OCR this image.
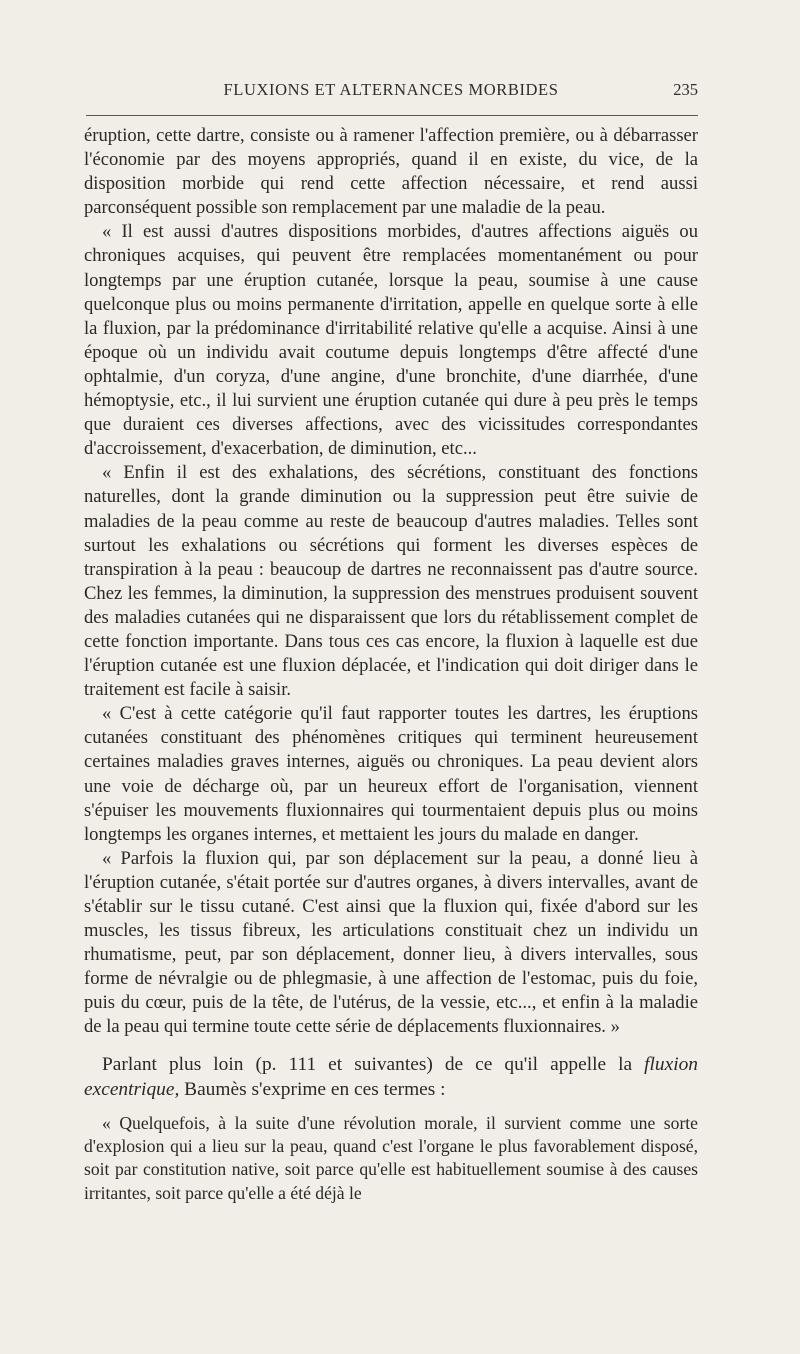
FLUXIONS ET ALTERNANCES MORBIDES	235

éruption, cette dartre, consiste ou à ramener l'affection première, ou à débarrasser l'économie par des moyens appropriés, quand il en existe, du vice, de la disposition morbide qui rend cette affection nécessaire, et rend aussi parconséquent possible son remplacement par une maladie de la peau.

« Il est aussi d'autres dispositions morbides, d'autres affections aiguës ou chroniques acquises, qui peuvent être remplacées momentanément ou pour longtemps par une éruption cutanée, lorsque la peau, soumise à une cause quelconque plus ou moins permanente d'irritation, appelle en quelque sorte à elle la fluxion, par la prédominance d'irritabilité relative qu'elle a acquise. Ainsi à une époque où un individu avait coutume depuis longtemps d'être affecté d'une ophtalmie, d'un coryza, d'une angine, d'une bronchite, d'une diarrhée, d'une hémoptysie, etc., il lui survient une éruption cutanée qui dure à peu près le temps que duraient ces diverses affections, avec des vicissitudes correspondantes d'accroissement, d'exacerbation, de diminution, etc...

« Enfin il est des exhalations, des sécrétions, constituant des fonctions naturelles, dont la grande diminution ou la suppression peut être suivie de maladies de la peau comme au reste de beaucoup d'autres maladies. Telles sont surtout les exhalations ou sécrétions qui forment les diverses espèces de transpiration à la peau : beaucoup de dartres ne reconnaissent pas d'autre source. Chez les femmes, la diminution, la suppression des menstrues produisent souvent des maladies cutanées qui ne disparaissent que lors du rétablissement complet de cette fonction importante. Dans tous ces cas encore, la fluxion à laquelle est due l'éruption cutanée est une fluxion déplacée, et l'indication qui doit diriger dans le traitement est facile à saisir.

« C'est à cette catégorie qu'il faut rapporter toutes les dartres, les éruptions cutanées constituant des phénomènes critiques qui terminent heureusement certaines maladies graves internes, aiguës ou chroniques. La peau devient alors une voie de décharge où, par un heureux effort de l'organisation, viennent s'épuiser les mouvements fluxionnaires qui tourmentaient depuis plus ou moins longtemps les organes internes, et mettaient les jours du malade en danger.

« Parfois la fluxion qui, par son déplacement sur la peau, a donné lieu à l'éruption cutanée, s'était portée sur d'autres organes, à divers intervalles, avant de s'établir sur le tissu cutané. C'est ainsi que la fluxion qui, fixée d'abord sur les muscles, les tissus fibreux, les articulations constituait chez un individu un rhumatisme, peut, par son déplacement, donner lieu, à divers intervalles, sous forme de névralgie ou de phlegmasie, à une affection de l'estomac, puis du foie, puis du cœur, puis de la tête, de l'utérus, de la vessie, etc..., et enfin à la maladie de la peau qui termine toute cette série de déplacements fluxionnaires. »

Parlant plus loin (p. 111 et suivantes) de ce qu'il appelle la fluxion excentrique, Baumès s'exprime en ces termes :

« Quelquefois, à la suite d'une révolution morale, il survient comme une sorte d'explosion qui a lieu sur la peau, quand c'est l'organe le plus favorablement disposé, soit par constitution native, soit parce qu'elle est habituellement soumise à des causes irritantes, soit parce qu'elle a été déjà le
